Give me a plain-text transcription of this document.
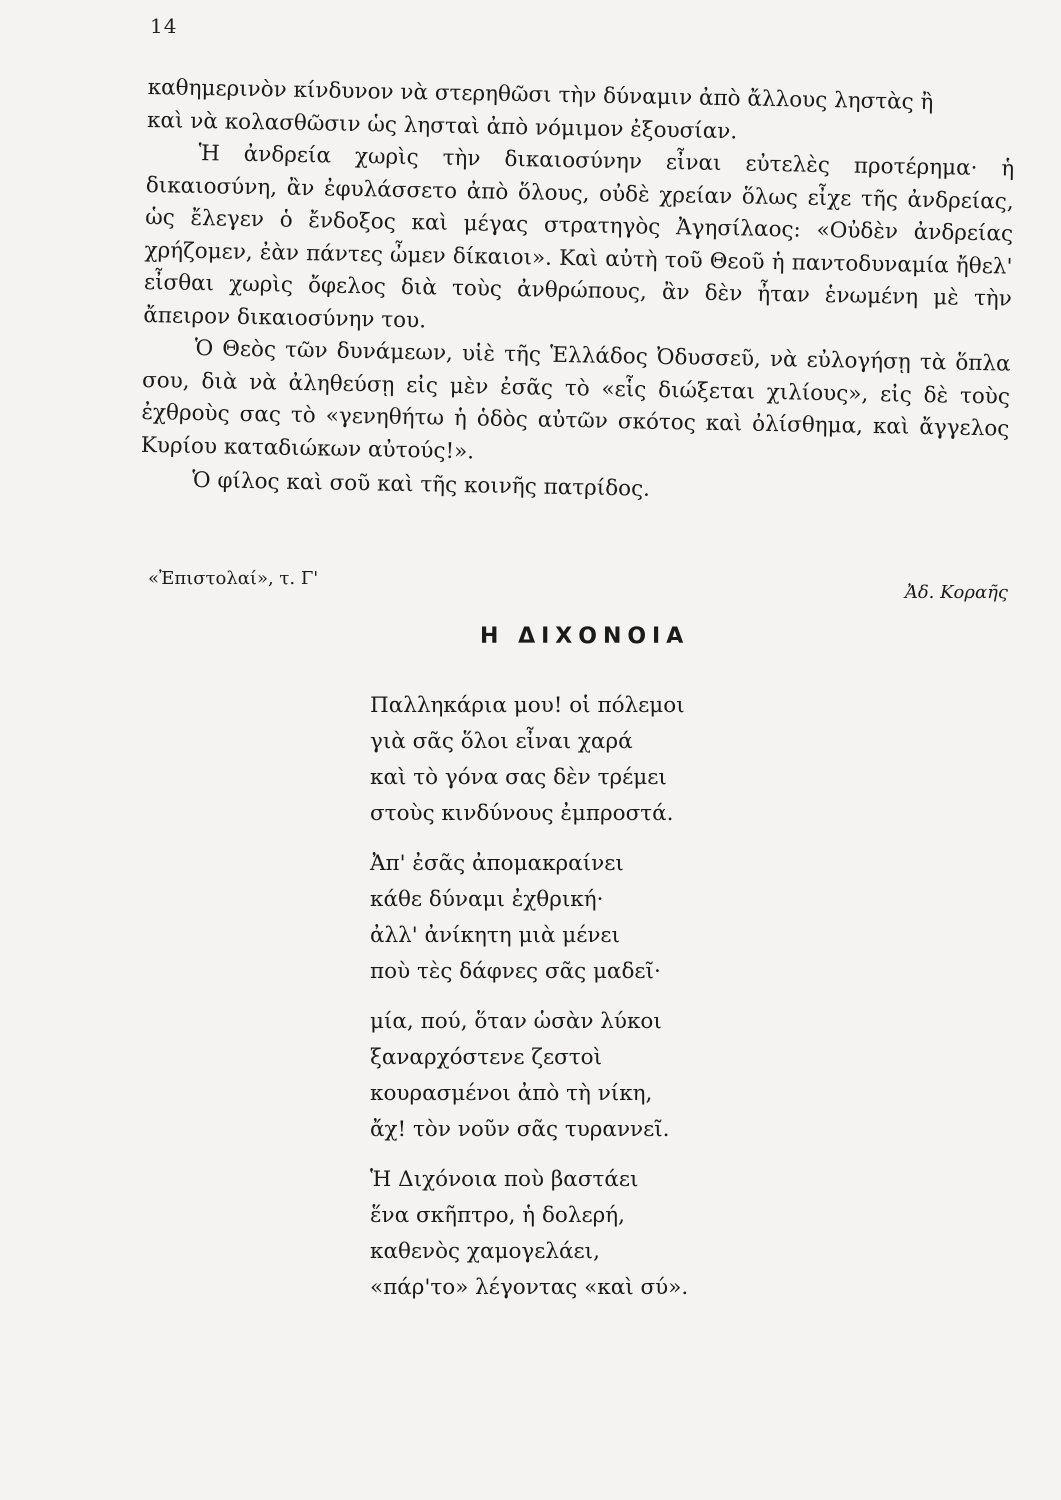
14

καθημερινὸν κίνδυνον νὰ στερηθῶσι τὴν δύναμιν ἀπὸ ἄλλους ληστὰς ἢ

καὶ νὰ κολασθῶσιν ὡς λησταὶ ἀπὸ νόμιμον ἐξουσίαν.

Ἡ ἀνδρεία χωρὶς τὴν δικαιοσύνην εἶναι εὐτελὲς προτέρημα· ἡ δικαιοσύνη, ἂν ἐφυλάσσετο ἀπὸ ὅλους, οὐδὲ χρείαν ὅλως εἶχε τῆς ἀνδρείας, ὡς ἔλεγεν ὁ ἔνδοξος καὶ μέγας στρατηγὸς Ἀγησίλαος: «Οὐδὲν ἀνδρείας χρήζομεν, ἐὰν πάντες ὦμεν δίκαιοι». Καὶ αὐτὴ τοῦ Θεοῦ ἡ παντοδυναμία ἤθελ' εἶσθαι χωρὶς ὄφελος διὰ τοὺς ἀνθρώπους, ἂν δὲν ἦταν ἑνωμένη μὲ τὴν ἄπειρον δικαιοσύνην του.

Ὁ Θεὸς τῶν δυνάμεων, υἱὲ τῆς Ἑλλάδος Ὀδυσσεῦ, νὰ εὐλογήσῃ τὰ ὅπλα σου, διὰ νὰ ἀληθεύσῃ εἰς μὲν ἐσᾶς τὸ «εἷς διώξεται χιλίους», εἰς δὲ τοὺς ἐχθροὺς σας τὸ «γενηθήτω ἡ ὁδὸς αὐτῶν σκότος καὶ ὀλίσθημα, καὶ ἄγγελος Κυρίου καταδιώκων αὐτούς!».

Ὁ φίλος καὶ σοῦ καὶ τῆς κοινῆς πατρίδος.

«Ἐπιστολαί», τ. Γ'
Ἀδ. Κοραῆς
Η ΔΙΧΟΝΟΙΑ
Παλληκάρια μου! οἱ πόλεμοι
γιὰ σᾶς ὅλοι εἶναι χαρά
καὶ τὸ γόνα σας δὲν τρέμει
στοὺς κινδύνους ἐμπροστά.
Ἀπ' ἐσᾶς ἀπομακραίνει
κάθε δύναμι ἐχθρική·
ἀλλ' ἀνίκητη μιὰ μένει
ποὺ τὲς δάφνες σᾶς μαδεῖ·
μία, πού, ὅταν ὡσὰν λύκοι
ξαναρχόστενε ζεστοὶ
κουρασμένοι ἀπὸ τὴ νίκη,
ἄχ! τὸν νοῦν σᾶς τυραννεῖ.
Ἡ Διχόνοια ποὺ βαστάει
ἕνα σκῆπτρο, ἡ δολερή,
καθενὸς χαμογελάει,
«πάρ'το» λέγοντας «καὶ σύ».
